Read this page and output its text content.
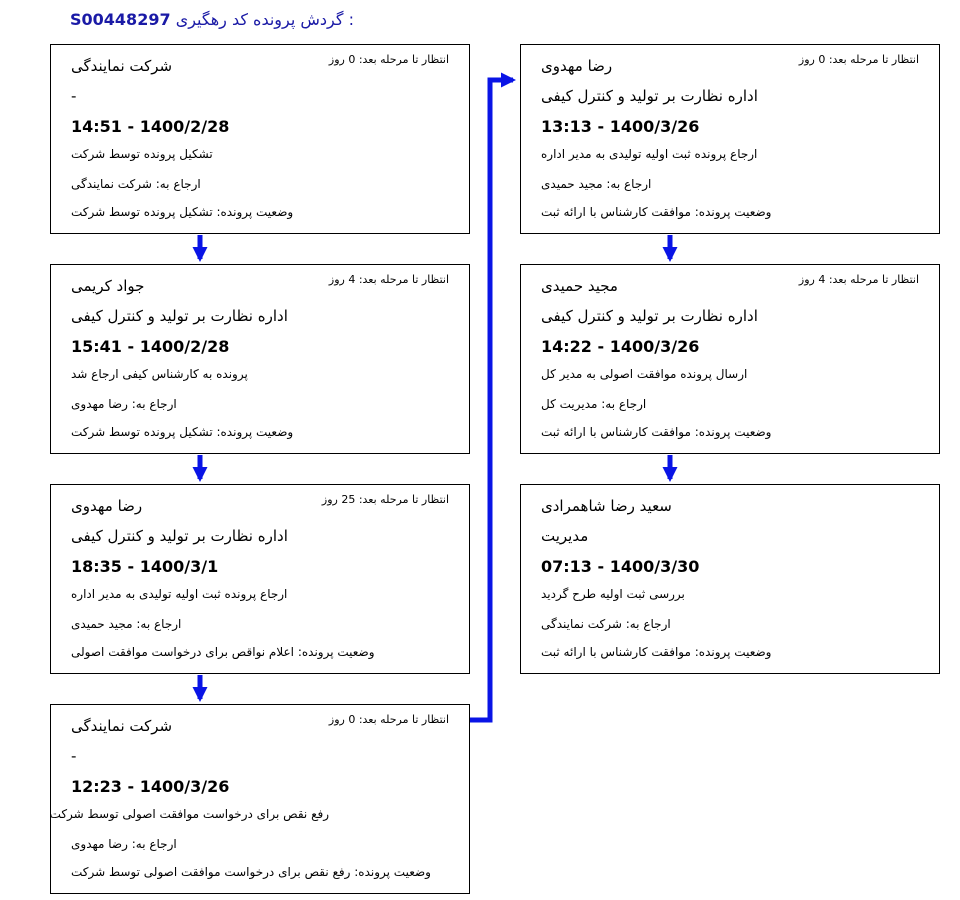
S00448297 گردش پرونده کد رهگیری :
انتظار تا مرحله بعد: 0 روز
شرکت نمایندگی
-
14:51 - 1400/2/28
تشکیل پرونده توسط شرکت
ارجاع به: شرکت نمایندگی
وضعیت پرونده: تشکیل پرونده توسط شرکت
انتظار تا مرحله بعد: 4 روز
جواد کریمی
اداره نظارت بر تولید و کنترل کیفی
15:41 - 1400/2/28
پرونده به کارشناس کیفی ارجاع شد
ارجاع به: رضا مهدوی
وضعیت پرونده: تشکیل پرونده توسط شرکت
انتظار تا مرحله بعد: 25 روز
رضا مهدوی
اداره نظارت بر تولید و کنترل کیفی
18:35 - 1400/3/1
ارجاع پرونده ثبت اولیه تولیدی به مدیر اداره
ارجاع به: مجید حمیدی
وضعیت پرونده: اعلام نواقص برای درخواست موافقت اصولی
انتظار تا مرحله بعد: 0 روز
شرکت نمایندگی
-
12:23 - 1400/3/26
رفع نقص برای درخواست موافقت اصولی توسط شرکت
ارجاع به: رضا مهدوی
وضعیت پرونده: رفع نقص برای درخواست موافقت اصولی توسط شرکت
انتظار تا مرحله بعد: 0 روز
رضا مهدوی
اداره نظارت بر تولید و کنترل کیفی
13:13 - 1400/3/26
ارجاع پرونده ثبت اولیه تولیدی به مدیر اداره
ارجاع به: مجید حمیدی
وضعیت پرونده: موافقت کارشناس با ارائه ثبت
انتظار تا مرحله بعد: 4 روز
مجید حمیدی
اداره نظارت بر تولید و کنترل کیفی
14:22 - 1400/3/26
ارسال پرونده موافقت اصولی به مدیر کل
ارجاع به: مدیریت کل
وضعیت پرونده: موافقت کارشناس با ارائه ثبت
سعید رضا شاهمرادی
مدیریت
07:13 - 1400/3/30
بررسی ثبت اولیه طرح گردید
ارجاع به: شرکت نمایندگی
وضعیت پرونده: موافقت کارشناس با ارائه ثبت
